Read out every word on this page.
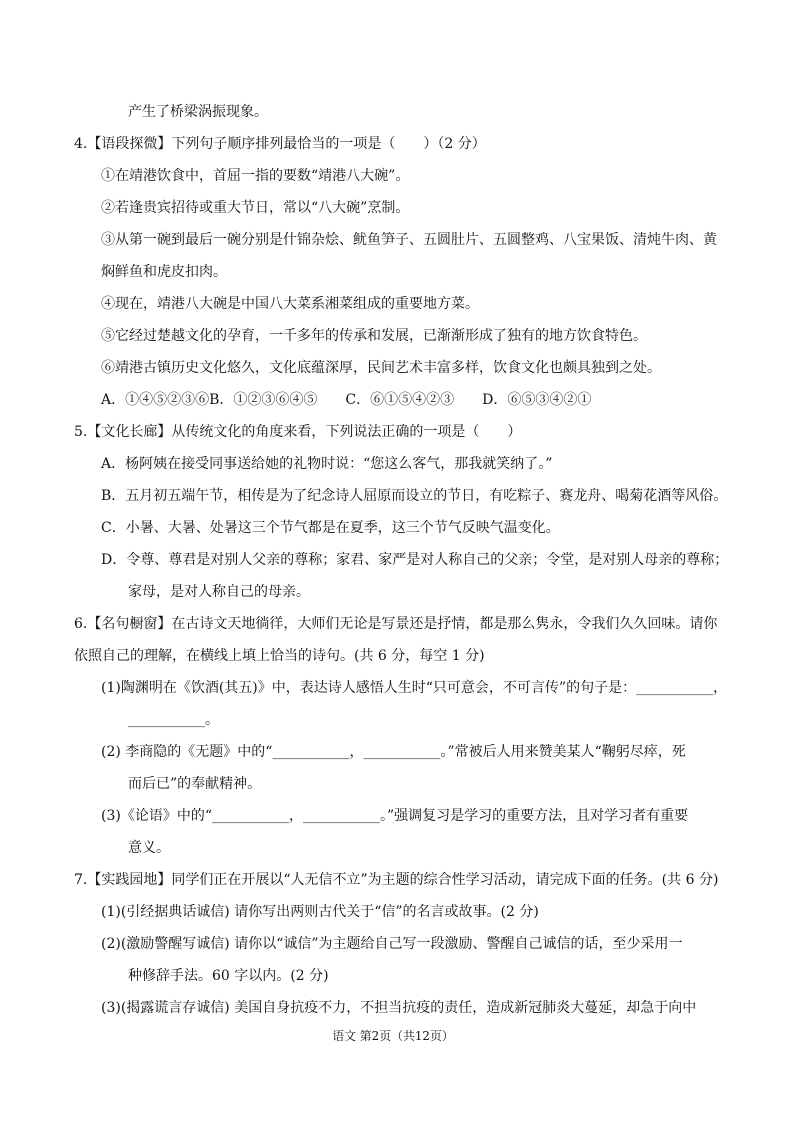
产生了桥梁涡振现象。
4.【语段探微】下列句子顺序排列最恰当的一项是（　　）（2 分）
①在靖港饮食中，首屈一指的要数“靖港八大碗”。
②若逢贵宾招待或重大节日，常以“八大碗”烹制。
③从第一碗到最后一碗分别是什锦杂烩、鱿鱼笋子、五圆肚片、五圆整鸡、八宝果饭、清炖牛肉、黄
焖鲜鱼和虎皮扣肉。
④现在，靖港八大碗是中国八大菜系湘菜组成的重要地方菜。
⑤它经过楚越文化的孕育，一千多年的传承和发展，已渐渐形成了独有的地方饮食特色。
⑥靖港古镇历史文化悠久，文化底蕴深厚，民间艺术丰富多样，饮食文化也颇具独到之处。
A．①④⑤②③⑥B．①②③⑥④⑤　　C．⑥①⑤④②③　　D．⑥⑤③④②①
5.【文化长廊】从传统文化的角度来看，下列说法正确的一项是（　　）
A．杨阿姨在接受同事送给她的礼物时说：“您这么客气，那我就笑纳了。”
B．五月初五端午节，相传是为了纪念诗人屈原而设立的节日，有吃粽子、赛龙舟、喝菊花酒等风俗。
C．小暑、大暑、处暑这三个节气都是在夏季，这三个节气反映气温变化。
D．令尊、尊君是对别人父亲的尊称；家君、家严是对人称自己的父亲；令堂，是对别人母亲的尊称；
家母，是对人称自己的母亲。
6.【名句橱窗】在古诗文天地徜徉，大师们无论是写景还是抒情，都是那么隽永，令我们久久回味。请你
依照自己的理解，在横线上填上恰当的诗句。(共 6 分，每空 1 分)
(1)陶渊明在《饮酒(其五)》中，表达诗人感悟人生时“只可意会，不可言传”的句子是：___________，
___________。
(2) 李商隐的《无题》中的“___________，___________。”常被后人用来赞美某人“鞠躬尽瘁，死
而后已”的奉献精神。
(3)《论语》中的“___________，___________。”强调复习是学习的重要方法，且对学习者有重要
意义。
7.【实践园地】同学们正在开展以“人无信不立”为主题的综合性学习活动，请完成下面的任务。(共 6 分)
(1)(引经据典话诚信) 请你写出两则古代关于“信”的名言或故事。(2 分)
(2)(激励警醒写诚信) 请你以“诚信”为主题给自己写一段激励、警醒自己诚信的话，至少采用一
种修辞手法。60 字以内。(2 分)
(3)(揭露谎言存诚信) 美国自身抗疫不力，不担当抗疫的责任，造成新冠肺炎大蔓延，却急于向中
语文 第2页（共12页）
